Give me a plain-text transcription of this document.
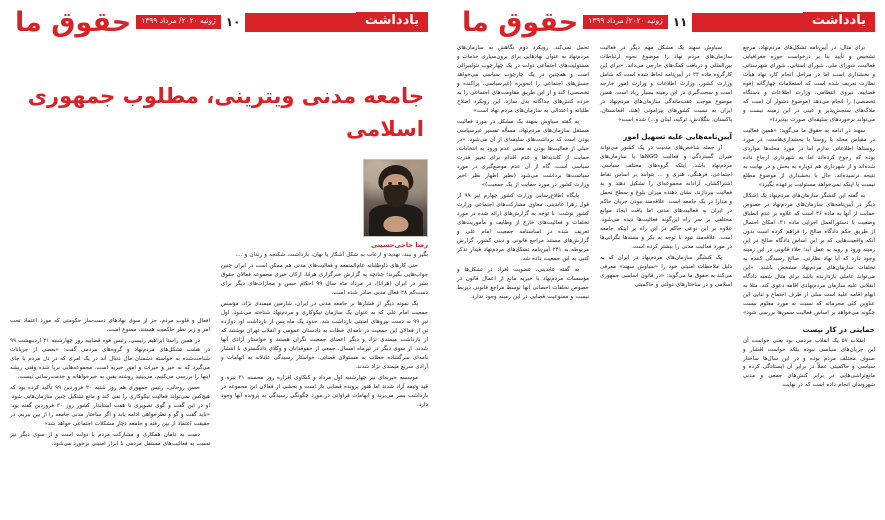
یادداشت
۱۱
ژوئیه ۲۰۲۰/ مرداد ۱۳۹۹
حقوق ما

برای مثال، در آیین‌نامه تشکل‌های مردم‌نهاد، مرجع تشخیص و تأیید بنا بر درخواست حوزه جغرافیایی فعالیت، شورای ملی، شورای استانی، شورای شهرستانی و بخشداری است اما در مراحل انجام کار، نهاد هیأت نظارت تعریف شده است که استعلامات چهارگانه (قوه قضاییه، نیروی انتظامی، وزارت اطلاعات و دستگاه تخصصی) را انجام می‌دهد (موضوع دشوار آن است که ملاک‌های سنجش‌پذیر و عینی در این زمینه نیست و می‌تواند برخوردهای سلیقه‌ای صورت بپذیرد)»

سهند در ادامه به حقوق ما می‌گوید: «همین فعالیت در مقیاس محله یا روستا با بخشداری‌هاست. در مورد روستاها اطلاعاتی ندارم اما در مورد محله‌ها مواردی بوده که رجوع کرده‌اند اما به شهرداری ارجاع داده شده‌اند و از شهرداری هم دوباره به بخش و در نهایت به نتیجه نرسیده‌اند. حال با بخشداری از موضوع مطلع نیست یا اینکه نمی‌خواهد مسئولیت برعهده بگیرد»

به گفته این کنشگر سازمان‌های مردم‌نهاد یک اشکال دیگر در آیین‌نامه‌های سازمان‌های مردم‌نهاد در خصوص حمایت از آنها به ماده ۲۶ است که علاوه بر عدم انطباق وضعیت با دستورالعمل اجرایی ماده ۳۱، امکان احتمال از طریق حکم دادگاه صالح را فراهم کرده است بدون آنکه واقعیت‌هایی که بر این اساس دادگاه صالح در این زمینه ورود و رویه به عمل آید؛ خلاء قانونی در این زمینه وجود دارد که آیا نهاد نظارتی، صالح رسیدگی کننده به تخلفات سازمان‌های مردم‌نهاد مشخص باشند. «این می‌تواند عاملی بازدارنده باشد برای مثال شعبه دادگاه انقلابی علیه سازمان مردم‌نهادی اقامه دعوی کند. مثلا به ابهام اقامه علیه است سلی از طرف اجتماع و ثنایی این عناوین کلی مجرمانه که نسبت به مورد معلوم نیست چگونه می‌خواهد بر اساس فعالیت سمن‌ها بررسی شود»

حمایتی در کار نیست

انقلاب ۵۷ یک انقلاب مردمی بود یعنی خواست آن این جریان‌های سیاسی نبوده بلکه خواست اقشار و صنوف مختلف مردم بوده و در این سال‌ها ساختار سیاسی و حاکمیتی عملاً در برابر آن ایستادگی کرده و مانع‌تراشی‌هایی در برابر کنش‌های جمعی و مدنی شهروندان انجام داده است که در نهایت

سیاوش سهند یک مشکل مهم دیگر در فعالیت سازمان‌های مردم نهاد را موضوع نحوه ارتباطات بین‌المللی و دریافت کمک‌های خارجی می‌داند. «برای این کارگروه ماده ۲۳ در آیین‌نامه لحاظ شده است که شامل وزارت کشور، وزارت اطلاعات و وزارت امور خارجه است و سخت‌گیری در این زمینه بسیار زیاد است. همین موضوع موجب عقب‌ماندگی سازمان‌های مردم‌نهاد در ایران به نسبت کشورهای پیرامونی (هند، افغانستان، پاکستان، بنگلادش، ترکیه، لبنان و...) شده است»

آیین‌نامه‌هایی علیه تسهیل امور

از جمله شاخص‌های مدنیت در یک کشور می‌تواند میزان گستردگی و فعالیت NGOها یا سازمان‌های مردم‌نهاد باشد. اینکه گروه‌های مختلف سیاسی، اجتماعی، فرهنگی، هنری و ... بتوانند بر اساس نقاط اشتراکشان، آزادانه مجموعه‌ای را تشکیل دهند و به فعالیت بپردازند، نشان دهنده میزان بلوغ و سطح تحمل و مدارا در یک جامعه است. علاقه‌مند نبودن جریان حاکم در ایران به فعالیت‌های مدنی اما بافت ایجاد موانع مختلفی بر سر راه این‌گونه فعالیت‌ها دیده می‌شود. علاوه بر این نوعی حاکم در این راه بر اینکه جامعه است. علاقه‌مند نبود با توجه به بکر و بسته‌ها نگرانی‌ها در مورد فعالیت مدنی را بیشتر کرده است.

یک کنشگر سازمان‌های مردم‌نهاد در ایران که به دلیل ملاحظات امنیتی خود را «سیاوش سهند» معرفی می‌کند به حقوق ما می‌گوید: «در قانون اساسی جمهوری اسلامی و در ساختارهای دولتی و حاکمیتی

تحمل نمی‌کند. رویکرد دوم نگاهش به سازمان‌های مردم‌نهاد به عنوان نهادهایی برای برون‌سپاری خدمات و مسئولیت‌های اجتماعی دولت در یک چهارچوب نئولیبرالی است و همچنین در یک چارچوب سیاسی می‌خواهد جنبش‌های اجتماعی را انجویزه (غیرسیاسی، پراکنده و تخصصی) کند و از این طریق مقاومت‌های اجتماعی را به خرده کنش‌های جداگانه بدل سازد. این رویکرد اصلاح طلبانه و اعتدالی به سازمان‌های مردم نهاد است»

به گفته سیاوش سهند یک مشکل در مورد فعالیت مستقل سازمان‌های مردم‌نهاد، مسأله تفسیر غیرسیاسی بودن است که برداشت‌های سلیقه‌ای از آن می‌شود: «در خیلی از فعالیت‌ها بودن به معنی عدم ورود به انتخابات، حمایت از کاندیداها و عدم اقدام برای تغییر قدرت سیاسی است، گاه از آن عدم موضع‌گیری در مورد سیاست‌ها برداشت می‌شود (نظیر اظهار نظر اخیر وزارت کشور در مورد حمایت از یک جمعیت)»

پایگاه اطلاع‌رسانی وزارت کشور چهارم تیر ۹۹ از قول زهرا عابدینی، معاون مشارکت‌های اجتماعی وزارت کشور نوشت: با توجه به گزارش‌های ارائه شده در مورد تخلفات و فعالیت‌های خارج از وظایف و مأموریت‌های تعریف شده در اساسنامه جمعیت امام علی و گزارش‌های مستند مراجع قانونی و دینی کشور، گزارش مربوطه به ۲۴۱ آیین‌نامه تشکل‌های مردم‌نهاد فیدار تذکر کتبی به این جمعیت داده شد.

به گفته عابدینی، عضویت افراد در تشکل‌ها و مؤسسات مردم‌نهاد با خیریه مانع از اعمال قانون در خصوص تخلفات احصائی آنها توسط مراجع قانونی ذیربط نیست و ممنوعیت قضایی در این زمینه وجود ندارد.

یادداشت
۱۰
ژوئیه ۲۰۲۰/ مرداد ۱۳۹۹
حقوق ما
جامعه مدنی ویترینی، مطلوب جمهوری اسلامی
رضا حاجی‌حسینی

بگیر و ببند، تهدید و ارعاب به شکل آشکار یا نهان، بازداشت، شکنجه و زندان و ....

حتی کارهای داوطلبانه عام‌المنفعه و فعالیت‌های مدنی هم ممکن است در ایران چنین جواب‌هایی بگیرند؛ چنانچه به گزارش خبرگزاری هرانا، ارکان خبری مجموعه فعالان حقوق بشر در ایران (هرانا)، در مرداد ماه سال ۹۹ احکام حبس و مجازات‌های دیگر برای دست‌کم ۲۸ فعال مدنی صادر شده است.

یک نمونه دیگر از فشارها بر جامعه مدنی در ایران، شارمین میمندی نژاد، مؤسس جمعیت امام علی که به عنوان یک سازمان نیکوکاری و مردم‌نهاد شناخته می‌شود، اول تیر ۹۹ به دست نیروهای امنیتی بازداشت شد. حدود یک ماه پس از بازداشت او، دوازده تن از فعالان این جمعیت در نامه‌ای خطاب به دادستان عمومی و انقلاب تهران نوشتند که از بازداشت میمندی نژاد و دیگر اعضای جمعیت نگران هستند و خواستار آزادی آنها شدند. از سوی دیگر در تیرماه امسال، جمعی از حقوقدانان و وکلای دادگستری با انتشار نامه‌ای سرگشاده خطاب به مسئولان قضایی، خواستار رسیدگی عادلانه به اتهامات و آزادی سریع میمندی نژاد شدند.

موسسه خیریه‌ای نیز چهارشنبه اول مرداد و کنکاوی افزاره روز محسنه ۳۱ تیره و قید وثیقه آزاد شدند اما هنوز پرونده قضایی باز است و بخشی از فعالان این مجموعه در بازداشت بسر می‌برند و ابهامات فراوانی در مورد چگونگی رسیدگی به پرونده آنها وجود دارد.

افعال و قلوب مردم، جز از سوی نهادهای دست‌ساز حکومتی که مورد اعتماد تحت امر و زیر نظر حاکمیت هستند، ممنوع است.

در همین راستا ابراهیم رئیسی، رئیس قوه قضاییه روز چهارشنبه ۲۱ اردیبهشت ۹۹ در هشت تشکل‌های مردم‌نهاد و گروه‌های مردمی گفت: «بعضی از جریانات شناخت‌شده به خواسته دشمنان مال دنبال آند در یک امری که در دل مردم با جای می‌گیرد که به خیر و خیرات و امور خیریه است. مجموعه‌هایی برپا شده وقتی ریشه اینها را بررسی می‌کنیم، می‌بینید روشنه یقین به خیرخواهانه و خدمت‌رسانی نیست.

حسن روحانی، رئیس جمهوری هم روز شنبه ۳۰ فروردین ۹۹ تأکید کرده بود که هیچ‌کس نمی‌تواند فعالیت نیکوکاری را نفی کند و مانع تشکیل چنین سازمان‌هایی شود. او در این گفت و گوی تصویری با هفت استاندار کشور روز ۳۰ فروردین گفته بود: «باید گفت و گو و نظرخواهی ادامه یابد و اگر ساختار مدنی جامعه را از بین ببریم، در حقیقت اعتماد از بین رفته و جامعه دچار مشکلات اجتماعی خواهد شد»

دست به دامان همکاری و مشارکت مردم با دولت است و از سوی دیگر نیز نسبت به فعالیت‌های مستقل مردمی با ابزار امنیتی برخورد می‌شود.
